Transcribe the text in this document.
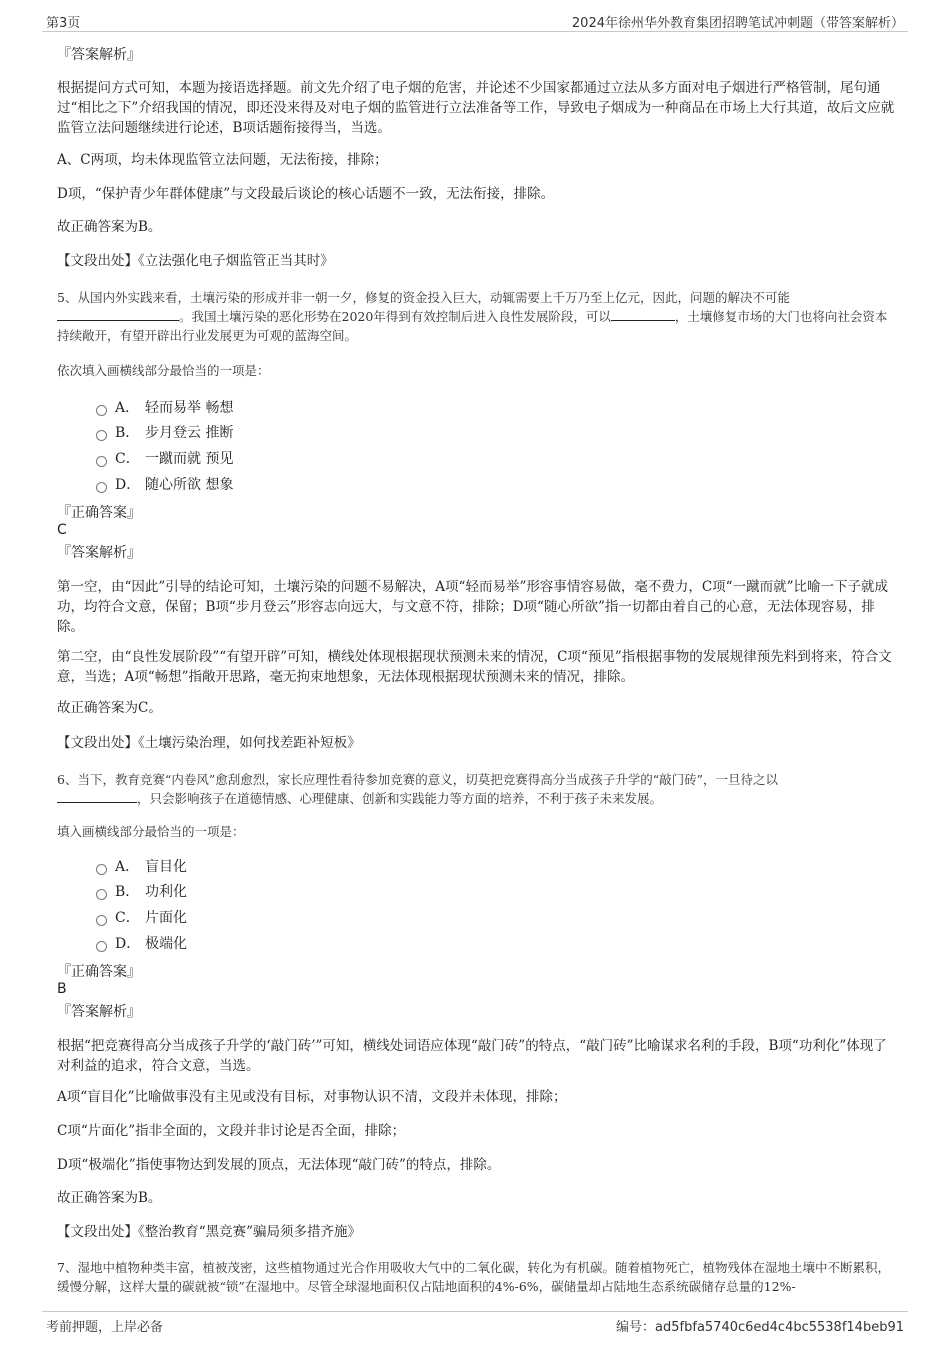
第3页	2024年徐州华外教育集团招聘笔试冲刺题（带答案解析）
『答案解析』
根据提问方式可知，本题为接语选择题。前文先介绍了电子烟的危害，并论述不少国家都通过立法从多方面对电子烟进行严格管制，尾句通过“相比之下”介绍我国的情况，即还没来得及对电子烟的监管进行立法准备等工作，导致电子烟成为一种商品在市场上大行其道，故后文应就监管立法问题继续进行论述，B项话题衔接得当，当选。
A、C两项，均未体现监管立法问题，无法衔接，排除；
D项，“保护青少年群体健康”与文段最后谈论的核心话题不一致，无法衔接，排除。
故正确答案为B。
【文段出处】《立法强化电子烟监管正当其时》
5、从国内外实践来看，土壤污染的形成并非一朝一夕，修复的资金投入巨大，动辄需要上千万乃至上亿元，因此，问题的解决不可能
。我国土壤污染的恶化形势在2020年得到有效控制后进入良性发展阶段，可以	，土壤修复市场的大门也将向社会资本持续敞开，有望开辟出行业发展更为可观的蓝海空间。
依次填入画横线部分最恰当的一项是：
A． 轻而易举 畅想
B． 步月登云 推断
C． 一蹴而就 预见
D． 随心所欲 想象
『正确答案』
C
『答案解析』
第一空，由“因此”引导的结论可知，土壤污染的问题不易解决，A项“轻而易举”形容事情容易做，毫不费力，C项“一蹴而就”比喻一下子就成功，均符合文意，保留；B项“步月登云”形容志向远大，与文意不符，排除；D项“随心所欲”指一切都由着自己的心意，无法体现容易，排除。
第二空，由“良性发展阶段”“有望开辟”可知，横线处体现根据现状预测未来的情况，C项“预见”指根据事物的发展规律预先料到将来，符合文意，当选；A项“畅想”指敞开思路，毫无拘束地想象，无法体现根据现状预测未来的情况，排除。
故正确答案为C。
【文段出处】《土壤污染治理，如何找差距补短板》
6、当下，教育竞赛“内卷风”愈刮愈烈，家长应理性看待参加竞赛的意义，切莫把竞赛得高分当成孩子升学的“敲门砖”，一旦待之以
，只会影响孩子在道德情感、心理健康、创新和实践能力等方面的培养，不利于孩子未来发展。
填入画横线部分最恰当的一项是：
A． 盲目化
B． 功利化
C． 片面化
D． 极端化
『正确答案』
B
『答案解析』
根据“把竞赛得高分当成孩子升学的‘敲门砖’”可知，横线处词语应体现“敲门砖”的特点，“敲门砖”比喻谋求名利的手段，B项“功利化”体现了对利益的追求，符合文意，当选。
A项“盲目化”比喻做事没有主见或没有目标，对事物认识不清，文段并未体现，排除；
C项“片面化”指非全面的，文段并非讨论是否全面，排除；
D项“极端化”指使事物达到发展的顶点，无法体现“敲门砖”的特点，排除。
故正确答案为B。
【文段出处】《整治教育“黑竞赛”骗局须多措齐施》
7、湿地中植物种类丰富，植被茂密，这些植物通过光合作用吸收大气中的二氧化碳，转化为有机碳。随着植物死亡，植物残体在湿地土壤中不断累积，缓慢分解，这样大量的碳就被“锁”在湿地中。尽管全球湿地面积仅占陆地面积的4%-6%，碳储量却占陆地生态系统碳储存总量的12%-
考前押题，上岸必备	编号：ad5fbfa5740c6ed4c4bc5538f14beb91
